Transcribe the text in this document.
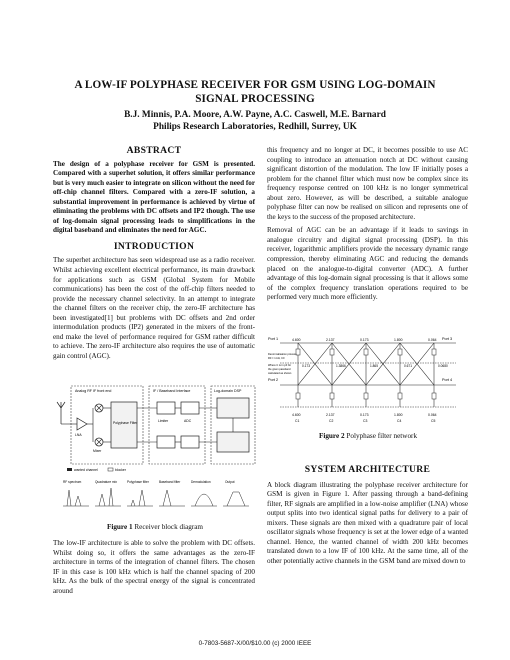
A LOW-IF POLYPHASE RECEIVER FOR GSM USING LOG-DOMAIN
SIGNAL PROCESSING
B.J. Minnis, P.A. Moore, A.W. Payne, A.C. Caswell, M.E. Barnard
Philips Research Laboratories, Redhill, Surrey, UK
ABSTRACT

The design of a polyphase receiver for GSM is presented. Compared with a superhet solution, it offers similar performance but is very much easier to integrate on silicon without the need for off-chip channel filters. Compared with a zero-IF solution, a substantial improvement in performance is achieved by virtue of eliminating the problems with DC offsets and IP2 though. The use of log-domain signal processing leads to simplifications in the digital baseband and eliminates the need for AGC.

INTRODUCTION

The superhet architecture has seen widespread use as a radio receiver. Whilst achieving excellent electrical performance, its main drawback for applications such as GSM (Global System for Mobile communications) has been the cost of the off-chip filters needed to provide the necessary channel selectivity. In an attempt to integrate the channel filters on the receiver chip, the zero-IF architecture has been investigated[1] but problems with DC offsets and 2nd order intermodulation products (IP2) generated in the mixers of the front-end make the level of performance required for GSM rather difficult to achieve. The zero-IF architecture also requires the use of automatic gain control (AGC).

Analog RF IF front end	IF / Baseband Interface	Log-domain DSP
LNA
Mixer
Polyphase Filter	Limiter	ADC
wanted channel	blocker
RF spectrum	Quadrature mix	Polyphase filter	Baseband filter	Demodulation	Output
Figure 1 Receiver block diagram

The low-IF architecture is able to solve the problem with DC offsets. Whilst doing so, it offers the same advantages as the zero-IF architecture in terms of the integration of channel filters. The chosen IF in this case is 100 kHz which is half the channel spacing of 200 kHz. As the bulk of the spectral energy of the signal is concentrated around

this frequency and no longer at DC, it becomes possible to use AC coupling to introduce an attenuation notch at DC without causing significant distortion of the modulation. The low IF initially poses a problem for the channel filter which must now be complex since its frequency response centred on 100 kHz is no longer symmetrical about zero. However, as will be described, a suitable analogue polyphase filter can now be realised on silicon and represents one of the keys to the success of the proposed architecture.

Removal of AGC can be an advantage if it leads to savings in analogue circuitry and digital signal processing (DSP). In this receiver, logarithmic amplifiers provide the necessary dynamic range compression, thereby eliminating AGC and reducing the demands placed on the analogue-to-digital converter (ADC). A further advantage of this log-domain signal processing is that it allows some of the complex frequency translation operations required to be performed very much more efficiently.

Port 1	Port 3
Port 2	Port 4
4.600	2.137	0.173	1.800	0.064
0.173	1.3866	1.865	0.671	0.0680
4.600	2.137	0.173	1.800	0.064
C1	C2	C3	C4	C5
Denormalisation process
R0 = 1 kΩ, C0
Where C is in pF for
the given passband
calculated as shown
Figure 2 Polyphase filter network
SYSTEM ARCHITECTURE

A block diagram illustrating the polyphase receiver architecture for GSM is given in Figure 1. After passing through a band-defining filter, RF signals are amplified in a low-noise amplifier (LNA) whose output splits into two identical signal paths for delivery to a pair of mixers. These signals are then mixed with a quadrature pair of local oscillator signals whose frequency is set at the lower edge of a wanted channel. Hence, the wanted channel of width 200 kHz becomes translated down to a low IF of 100 kHz. At the same time, all of the other potentially active channels in the GSM band are mixed down to

0-7803-5687-X/00/$10.00 (c) 2000 IEEE
